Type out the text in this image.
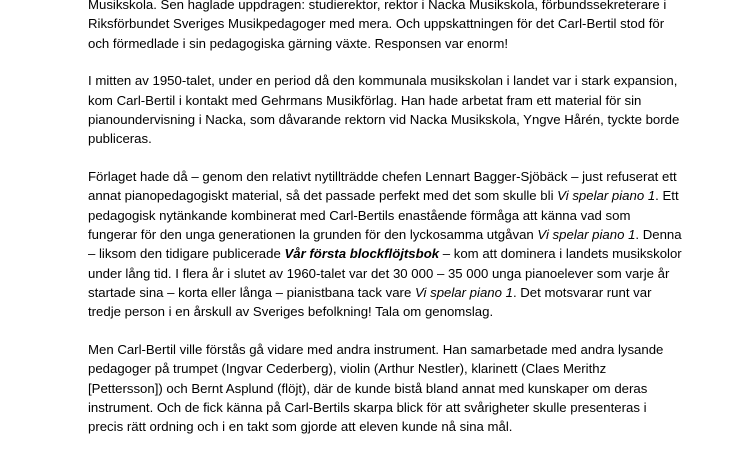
Musikskola. Sen haglade uppdragen: studierektor, rektor i Nacka Musikskola, förbundssekreterare i
Riksförbundet Sveriges Musikpedagoger med mera. Och uppskattningen för det Carl-Bertil stod för
och förmedlade i sin pedagogiska gärning växte. Responsen var enorm!

I mitten av 1950-talet, under en period då den kommunala musikskolan i landet var i stark expansion,
kom Carl-Bertil i kontakt med Gehrmans Musikförlag. Han hade arbetat fram ett material för sin
pianoundervisning i Nacka, som dåvarande rektorn vid Nacka Musikskola, Yngve Hårén, tyckte borde
publiceras.

Förlaget hade då – genom den relativt nytillträdde chefen Lennart Bagger-Sjöbäck – just refuserat ett
annat pianopedagogiskt material, så det passade perfekt med det som skulle bli Vi spelar piano 1. Ett
pedagogisk nytänkande kombinerat med Carl-Bertils enastående förmåga att känna vad som
fungerar för den unga generationen la grunden för den lyckosamma utgåvan Vi spelar piano 1. Denna
– liksom den tidigare publicerade Vår första blockflöjtsbok – kom att dominera i landets musikskolor
under lång tid. I flera år i slutet av 1960-talet var det 30 000 – 35 000 unga pianoelever som varje år
startade sina – korta eller långa – pianistbana tack vare Vi spelar piano 1. Det motsvarar runt var
tredje person i en årskull av Sveriges befolkning! Tala om genomslag.

Men Carl-Bertil ville förstås gå vidare med andra instrument. Han samarbetade med andra lysande
pedagoger på trumpet (Ingvar Cederberg), violin (Arthur Nestler), klarinett (Claes Merithz
[Pettersson]) och Bernt Asplund (flöjt), där de kunde bistå bland annat med kunskaper om deras
instrument. Och de fick känna på Carl-Bertils skarpa blick för att svårigheter skulle presenteras i
precis rätt ordning och i en takt som gjorde att eleven kunde nå sina mål.
